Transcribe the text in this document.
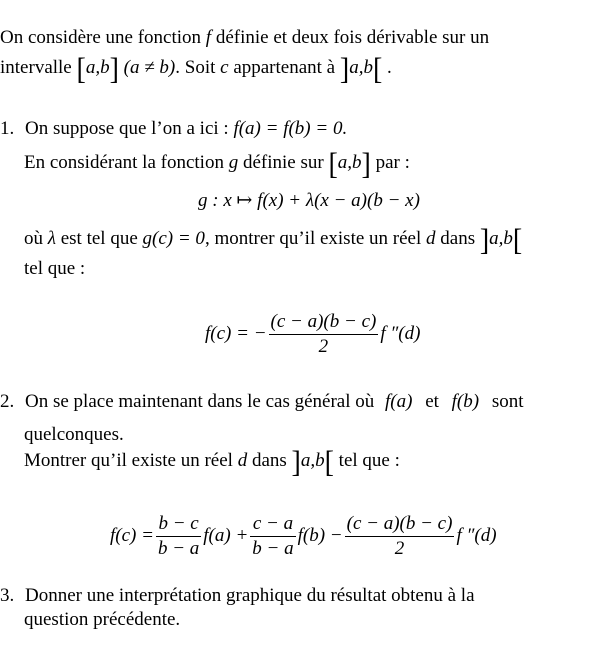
On considère une fonction f définie et deux fois dérivable sur un
intervalle [a,b] (a ≠ b). Soit c appartenant à ]a,b[ .
1. On suppose que l’on a ici : f(a) = f(b) = 0.
En considérant la fonction g définie sur [a,b] par :
g : x ↦ f(x) + λ(x − a)(b − x)
où λ est tel que g(c) = 0, montrer qu’il existe un réel d dans ]a,b[
tel que :
f(c) = − $\frac{(c - a)(b - c)}{2}$ f ″(d)
2. On se place maintenant dans le cas général où f(a) et f(b) sont
quelconques.
Montrer qu’il existe un réel d dans ]a,b[ tel que :
$f(c) = \frac{b - c}{b - a} f(a) + \frac{c - a}{b - a} f(b) - \frac{(c - a)(b - c)}{2}$ f ″(d)
3. Donner une interprétation graphique du résultat obtenu à la
question précédente.
